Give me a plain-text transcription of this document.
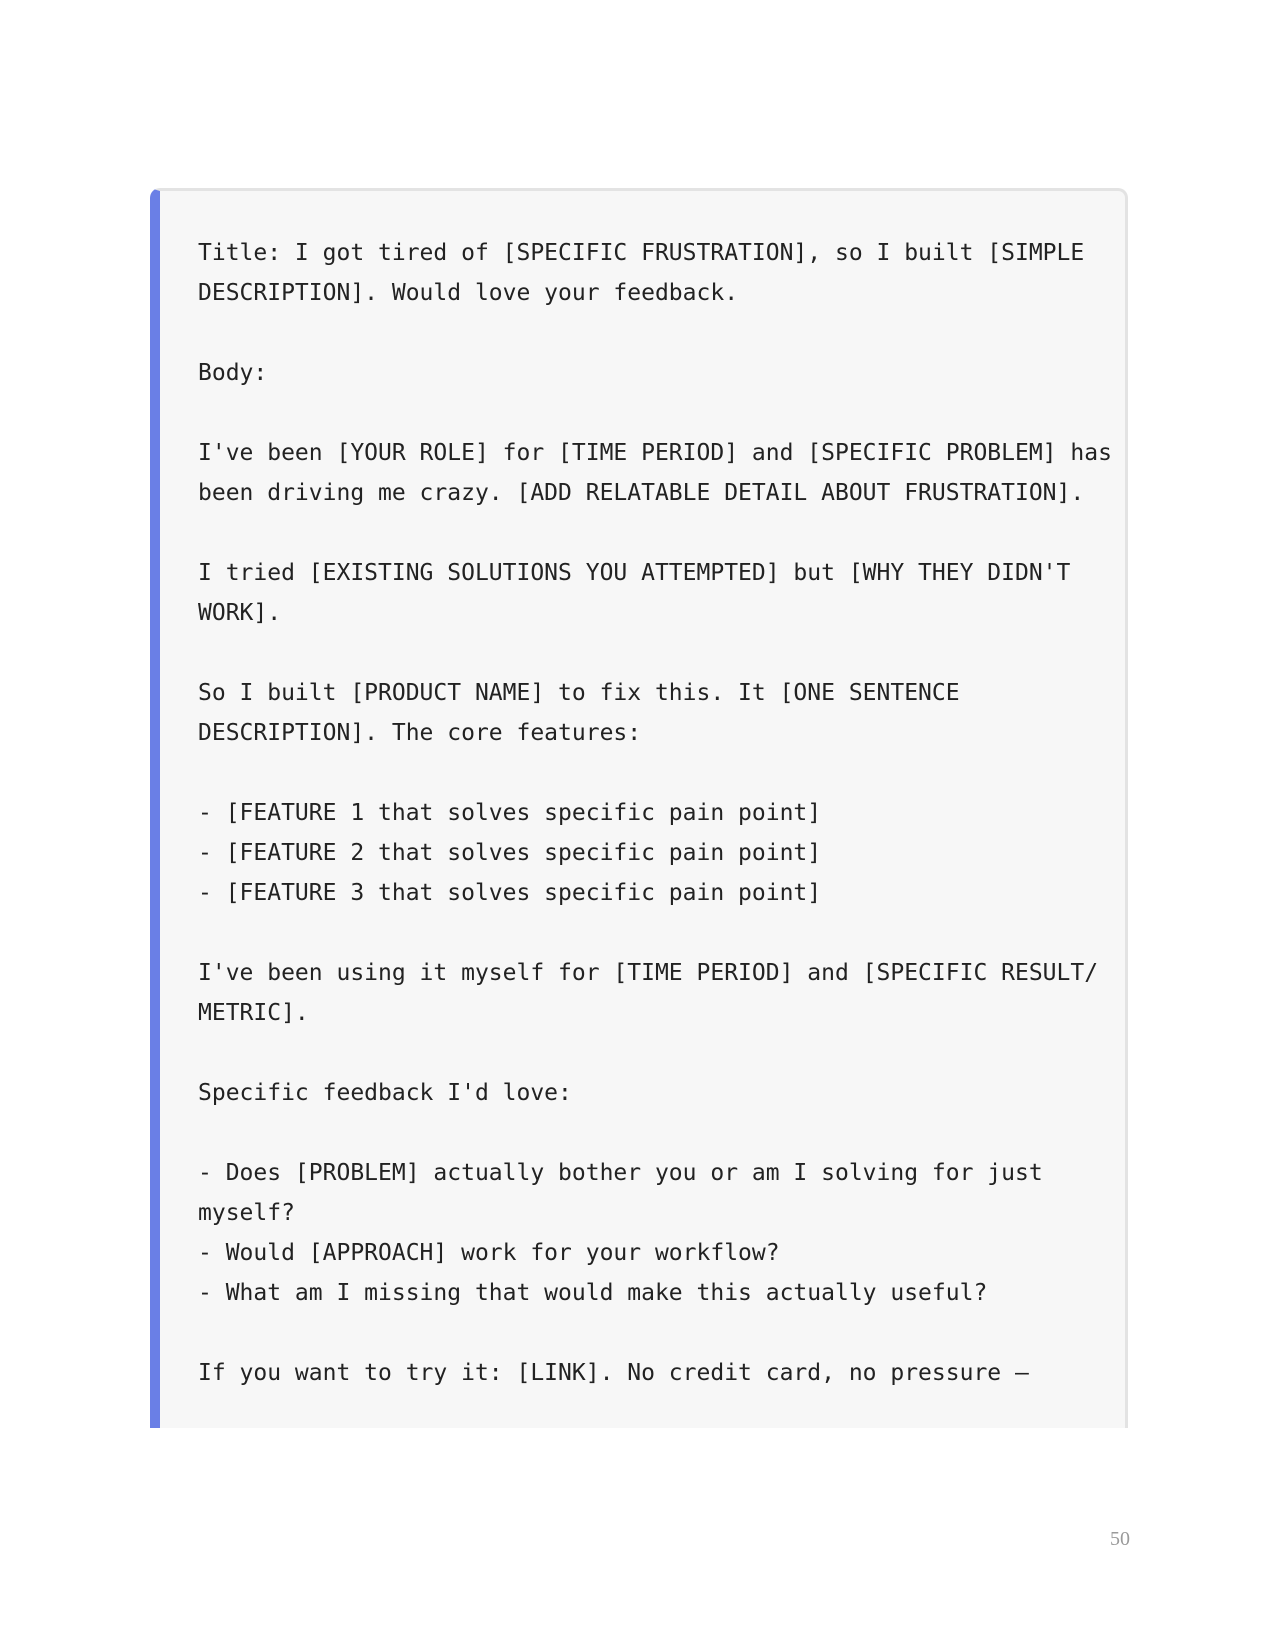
Title: I got tired of [SPECIFIC FRUSTRATION], so I built [SIMPLE
DESCRIPTION]. Would love your feedback.
Body:
I've been [YOUR ROLE] for [TIME PERIOD] and [SPECIFIC PROBLEM] has
been driving me crazy. [ADD RELATABLE DETAIL ABOUT FRUSTRATION].
I tried [EXISTING SOLUTIONS YOU ATTEMPTED] but [WHY THEY DIDN'T
WORK].
So I built [PRODUCT NAME] to fix this. It [ONE SENTENCE
DESCRIPTION]. The core features:
- [FEATURE 1 that solves specific pain point]
- [FEATURE 2 that solves specific pain point]
- [FEATURE 3 that solves specific pain point]
I've been using it myself for [TIME PERIOD] and [SPECIFIC RESULT/
METRIC].
Specific feedback I'd love:
- Does [PROBLEM] actually bother you or am I solving for just
myself?
- Would [APPROACH] work for your workflow?
- What am I missing that would make this actually useful?
If you want to try it: [LINK]. No credit card, no pressure —
50
